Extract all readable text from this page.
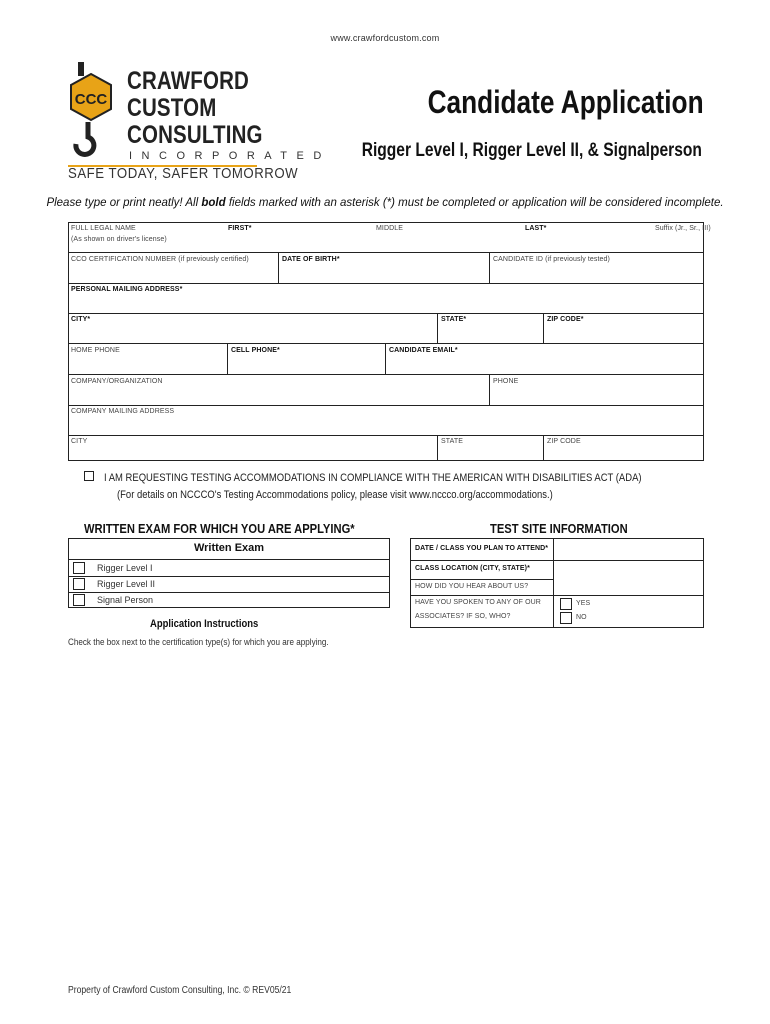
www.crawfordcustom.com
CCC
CRAWFORD
CUSTOM
CONSULTING
INCORPORATED
SAFE TODAY, SAFER TOMORROW
Candidate Application
Rigger Level I, Rigger Level II, & Signalperson
Please type or print neatly! All bold fields marked with an asterisk (*) must be completed or application will be considered incomplete.
FULL LEGAL NAME
(As shown on driver's license)
FIRST*	MIDDLE	LAST*	Suffix (Jr., Sr., III)
CCO CERTIFICATION NUMBER (if previously certified)	DATE OF BIRTH*	CANDIDATE ID (if previously tested)
PERSONAL MAILING ADDRESS*
CITY*	STATE*	ZIP CODE*
HOME PHONE	CELL PHONE*	CANDIDATE EMAIL*
COMPANY/ORGANIZATION	PHONE
COMPANY MAILING ADDRESS
CITY	STATE	ZIP CODE
I AM REQUESTING TESTING ACCOMMODATIONS IN COMPLIANCE WITH THE AMERICAN WITH DISABILITIES ACT (ADA)
(For details on NCCCO's Testing Accommodations policy, please visit www.nccco.org/accommodations.)
WRITTEN EXAM FOR WHICH YOU ARE APPLYING*
Written Exam
Rigger Level I
Rigger Level II
Signal Person
Application Instructions
Check the box next to the certification type(s) for which you are applying.
TEST SITE INFORMATION
DATE / CLASS YOU PLAN TO ATTEND*
CLASS LOCATION (CITY, STATE)*
HOW DID YOU HEAR ABOUT US?
HAVE YOU SPOKEN TO ANY OF OUR
ASSOCIATES? IF SO, WHO?
YES
NO
Property of Crawford Custom Consulting, Inc. © REV05/21
